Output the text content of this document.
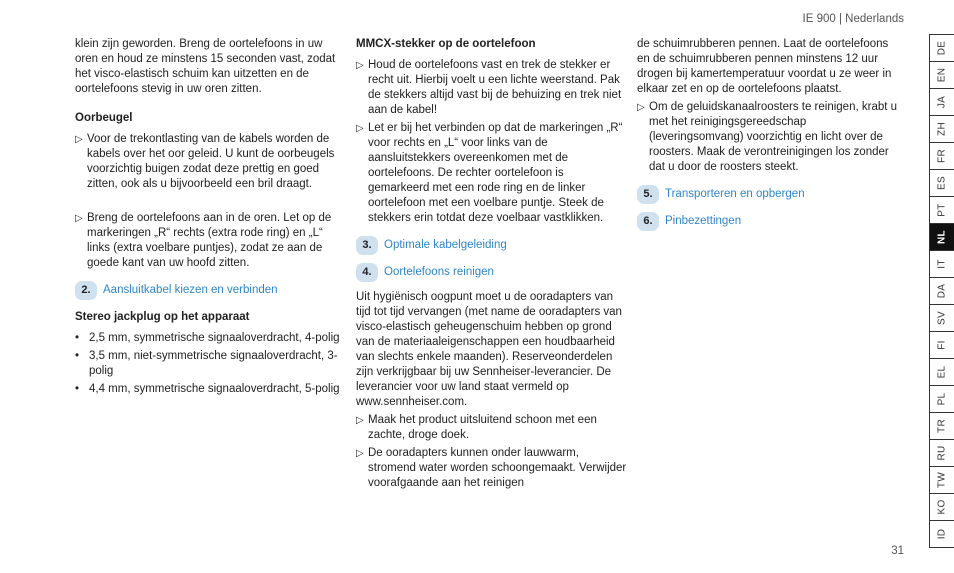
IE 900 | Nederlands

klein zijn geworden. Breng de oortelefoons in uw oren en houd ze minstens 15 seconden vast, zodat het visco-elastisch schuim kan uitzetten en de oortelefoons stevig in uw oren zitten.

Oorbeugel

▷ Voor de trekontlasting van de kabels worden de kabels over het oor geleid. U kunt de oorbeugels voorzichtig buigen zodat deze prettig en goed zitten, ook als u bijvoorbeeld een bril draagt.
▷ Breng de oortelefoons aan in de oren. Let op de markeringen „R“ rechts (extra rode ring) en „L“ links (extra voelbare puntjes), zodat ze aan de goede kant van uw hoofd zitten.
2.	Aansluitkabel kiezen en verbinden

Stereo jackplug op het apparaat

• 2,5 mm, symmetrische signaaloverdracht, 4-polig
• 3,5 mm, niet-symmetrische signaaloverdracht, 3-polig
• 4,4 mm, symmetrische signaaloverdracht, 5-polig

MMCX-stekker op de oortelefoon

▷ Houd de oortelefoons vast en trek de stekker er recht uit. Hierbij voelt u een lichte weerstand. Pak de stekkers altijd vast bij de behuizing en trek niet aan de kabel!
▷ Let er bij het verbinden op dat de markeringen „R“ voor rechts en „L“ voor links van de aansluitstekkers overeenkomen met de oortelefoons. De rechter oortelefoon is gemarkeerd met een rode ring en de linker oortelefoon met een voelbare puntje. Steek de stekkers erin totdat deze voelbaar vastklikken.
3.	Optimale kabelgeleiding
4.	Oortelefoons reinigen

Uit hygiënisch oogpunt moet u de ooradapters van tijd tot tijd vervangen (met name de ooradapters van visco-elastisch geheugenschuim hebben op grond van de materiaaleigenschappen een houdbaarheid van slechts enkele maanden). Reserveonderdelen zijn verkrijgbaar bij uw Sennheiser-leverancier. De leverancier voor uw land staat vermeld op www.sennheiser.com.

▷ Maak het product uitsluitend schoon met een zachte, droge doek.
▷ De ooradapters kunnen onder lauwwarm, stromend water worden schoongemaakt. Verwijder voorafgaande aan het reinigen

de schuimrubberen pennen. Laat de oortelefoons en de schuimrubberen pennen minstens 12 uur drogen bij kamertemperatuur voordat u ze weer in elkaar zet en op de oortelefoons plaatst.

▷ Om de geluidskanaalroosters te reinigen, krabt u met het reinigingsgereedschap (leveringsomvang) voorzichtig en licht over de roosters. Maak de verontreinigingen los zonder dat u door de roosters steekt.
5.	Transporteren en opbergen
6.	Pinbezettingen
DE
EN
JA
ZH
FR
ES
PT
NL
IT
DA
SV
FI
EL
PL
TR
RU
TW
KO
ID
31
